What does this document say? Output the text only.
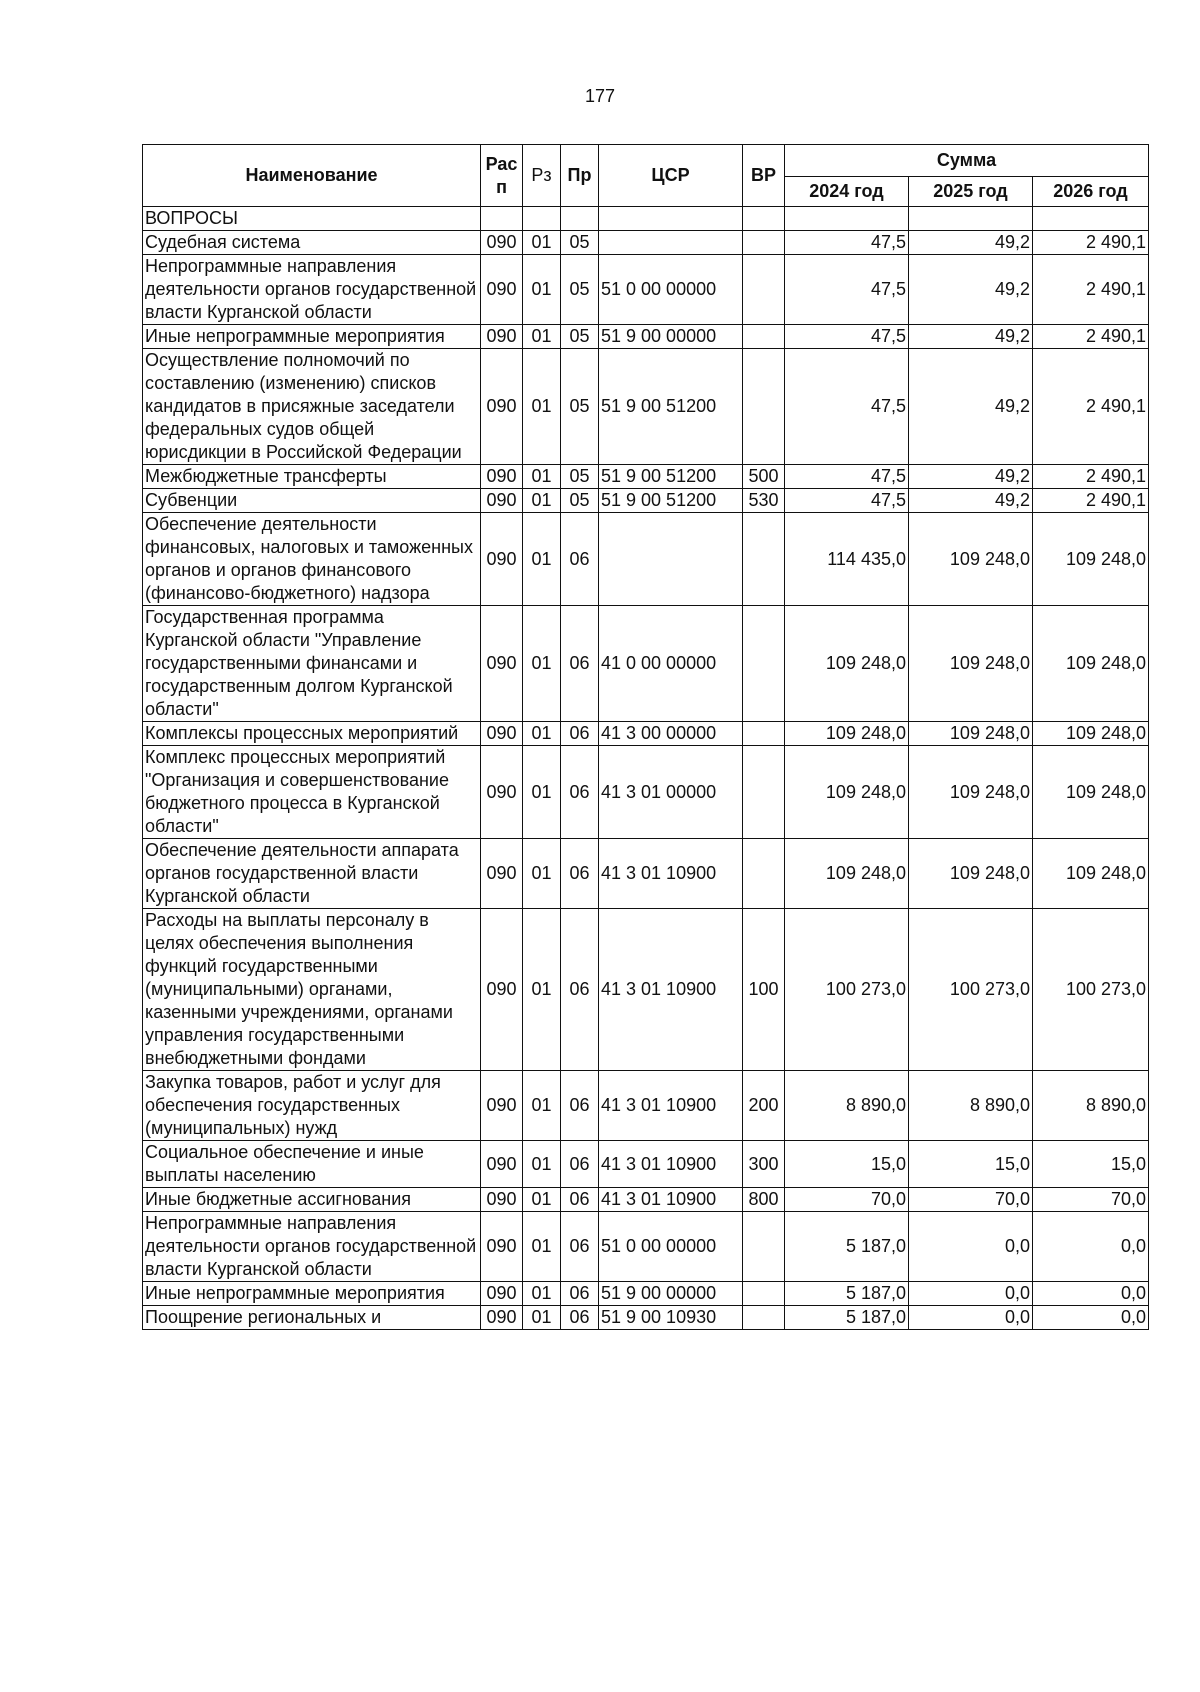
177
Наименование	Рас п	Рз	Пр	ЦСР	ВР	Сумма		
						2024 год	2025 год	2026 год
ВОПРОСЫ								
Судебная система	090	01	05			47,5	49,2	2 490,1
Непрограммные направления деятельности органов государственной власти Курганской области	090	01	05	51 0 00 00000		47,5	49,2	2 490,1
Иные непрограммные мероприятия	090	01	05	51 9 00 00000		47,5	49,2	2 490,1
Осуществление полномочий по составлению (изменению) списков кандидатов в присяжные заседатели федеральных судов общей юрисдикции в Российской Федерации	090	01	05	51 9 00 51200		47,5	49,2	2 490,1
Межбюджетные трансферты	090	01	05	51 9 00 51200	500	47,5	49,2	2 490,1
Субвенции	090	01	05	51 9 00 51200	530	47,5	49,2	2 490,1
Обеспечение деятельности финансовых, налоговых и таможенных органов и органов финансового (финансово-бюджетного) надзора	090	01	06			114 435,0	109 248,0	109 248,0
Государственная программа Курганской области "Управление государственными финансами и государственным долгом Курганской области"	090	01	06	41 0 00 00000		109 248,0	109 248,0	109 248,0
Комплексы процессных мероприятий	090	01	06	41 3 00 00000		109 248,0	109 248,0	109 248,0
Комплекс процессных мероприятий "Организация и совершенствование бюджетного процесса в Курганской области"	090	01	06	41 3 01 00000		109 248,0	109 248,0	109 248,0
Обеспечение деятельности аппарата органов государственной власти Курганской области	090	01	06	41 3 01 10900		109 248,0	109 248,0	109 248,0
Расходы на выплаты персоналу в целях обеспечения выполнения функций государственными (муниципальными) органами, казенными учреждениями, органами управления государственными внебюджетными фондами	090	01	06	41 3 01 10900	100	100 273,0	100 273,0	100 273,0
Закупка товаров, работ и услуг для обеспечения государственных (муниципальных) нужд	090	01	06	41 3 01 10900	200	8 890,0	8 890,0	8 890,0
Социальное обеспечение и иные выплаты населению	090	01	06	41 3 01 10900	300	15,0	15,0	15,0
Иные бюджетные ассигнования	090	01	06	41 3 01 10900	800	70,0	70,0	70,0
Непрограммные направления деятельности органов государственной власти Курганской области	090	01	06	51 0 00 00000		5 187,0	0,0	0,0
Иные непрограммные мероприятия	090	01	06	51 9 00 00000		5 187,0	0,0	0,0
Поощрение региональных и	090	01	06	51 9 00 10930		5 187,0	0,0	0,0
